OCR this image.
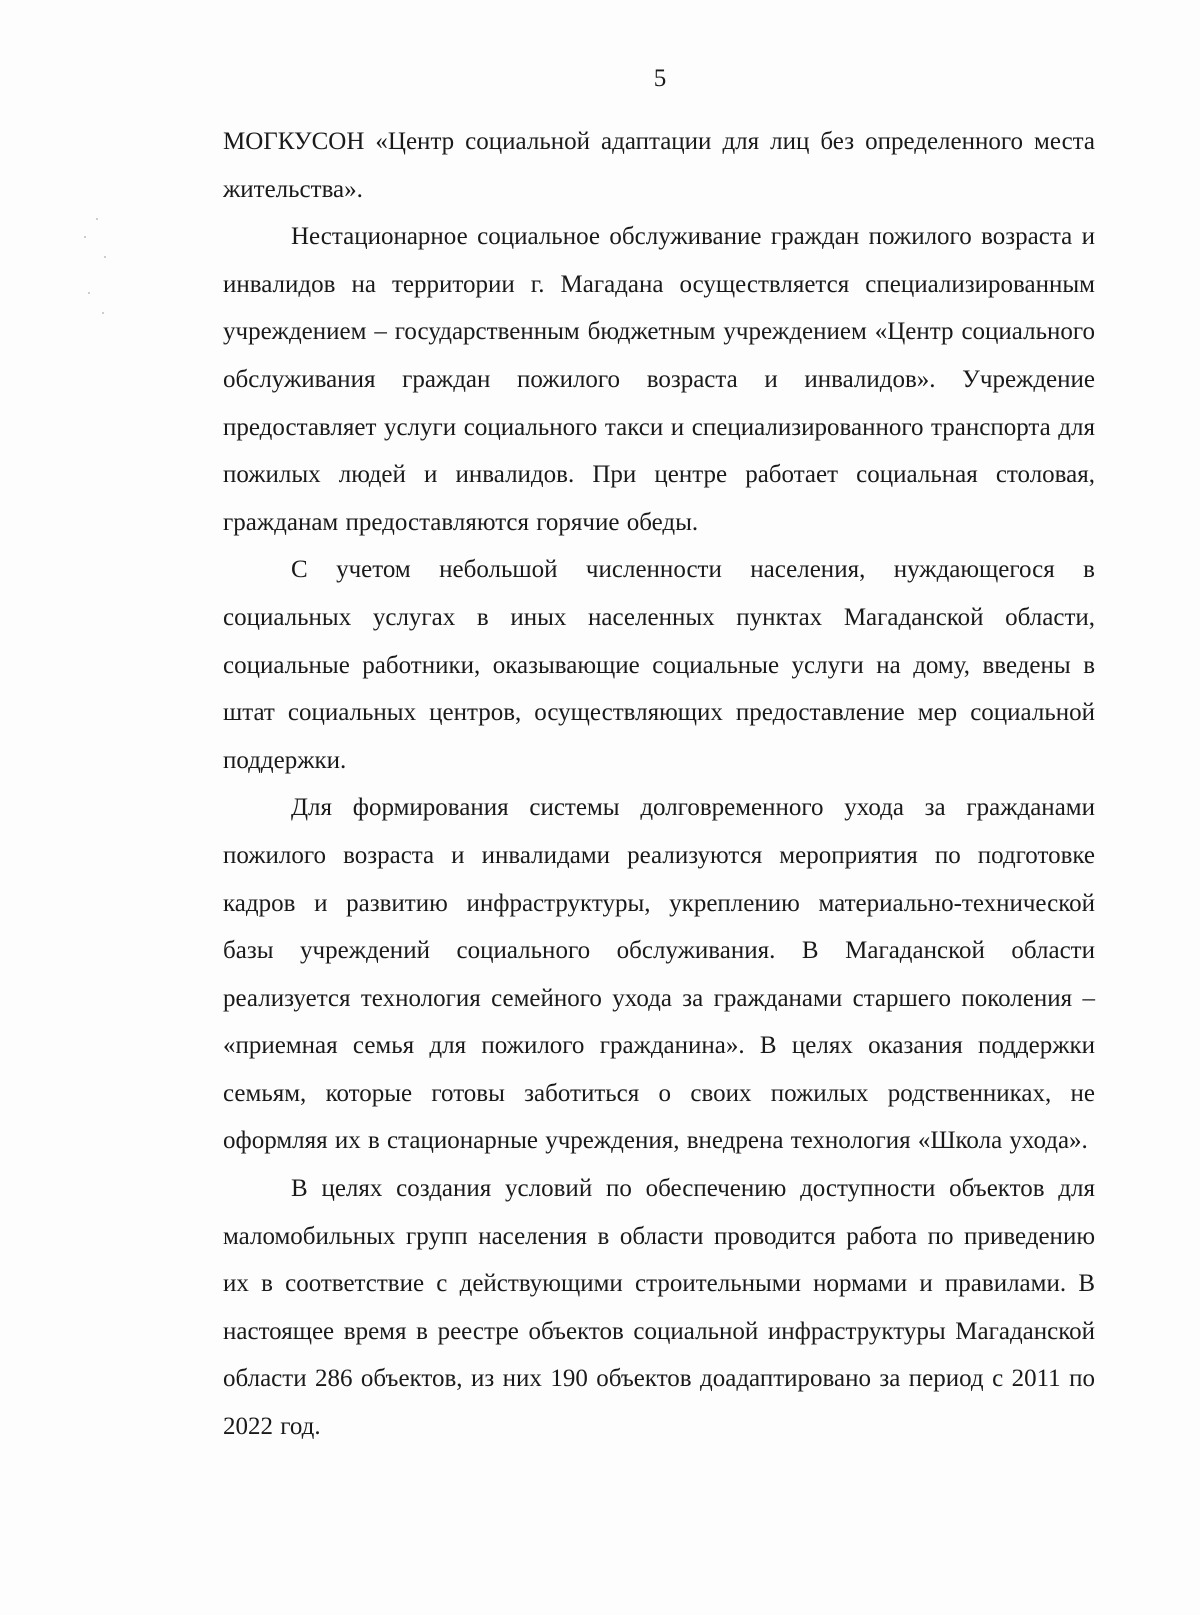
5

МОГКУСОН «Центр социальной адаптации для лиц без определенного места жительства».

Нестационарное социальное обслуживание граждан пожилого возраста и инвалидов на территории г. Магадана осуществляется специализированным учреждением – государственным бюджетным учреждением «Центр социального обслуживания граждан пожилого возраста и инвалидов». Учреждение предоставляет услуги социального такси и специализированного транспорта для пожилых людей и инвалидов. При центре работает социальная столовая, гражданам предоставляются горячие обеды.

С учетом небольшой численности населения, нуждающегося в социальных услугах в иных населенных пунктах Магаданской области, социальные работники, оказывающие социальные услуги на дому, введены в штат социальных центров, осуществляющих предоставление мер социальной поддержки.

Для формирования системы долговременного ухода за гражданами пожилого возраста и инвалидами реализуются мероприятия по подготовке кадров и развитию инфраструктуры, укреплению материально-технической базы учреждений социального обслуживания. В Магаданской области реализуется технология семейного ухода за гражданами старшего поколения – «приемная семья для пожилого гражданина». В целях оказания поддержки семьям, которые готовы заботиться о своих пожилых родственниках, не оформляя их в стационарные учреждения, внедрена технология «Школа ухода».

В целях создания условий по обеспечению доступности объектов для маломобильных групп населения в области проводится работа по приведению их в соответствие с действующими строительными нормами и правилами. В настоящее время в реестре объектов социальной инфраструктуры Магаданской области 286 объектов, из них 190 объектов доадаптировано за период с 2011 по 2022 год.
